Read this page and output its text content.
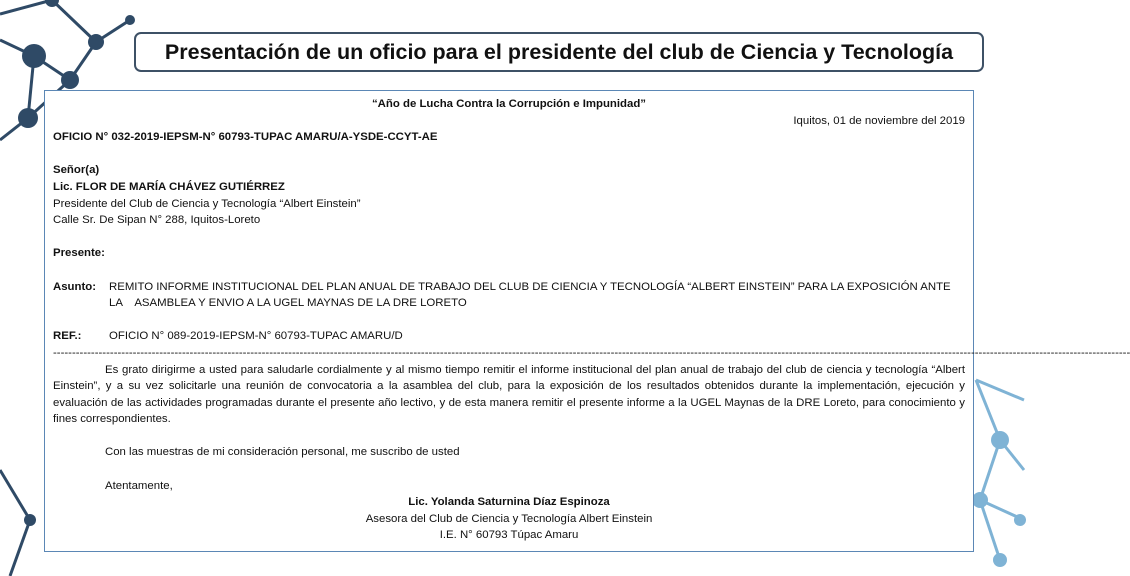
Presentación de un oficio para el presidente del club de Ciencia y Tecnología

“Año de Lucha Contra la Corrupción e Impunidad”

Iquitos, 01 de noviembre del 2019

OFICIO N° 032-2019-IEPSM-N° 60793-TUPAC AMARU/A-YSDE-CCYT-AE

Señor(a)

Lic. FLOR DE MARÍA CHÁVEZ GUTIÉRREZ

Presidente del Club de Ciencia y Tecnología “Albert Einstein”

Calle Sr. De Sipan N° 288, Iquitos-Loreto

Presente:

Asunto:	REMITO INFORME INSTITUCIONAL DEL PLAN ANUAL DE TRABAJO DEL CLUB DE CIENCIA Y TECNOLOGÍA “ALBERT EINSTEIN” PARA LA EXPOSICIÓN ANTE
LA    ASAMBLEA Y ENVIO A LA UGEL MAYNAS DE LA DRE LORETO
REF.:	OFICIO N° 089-2019-IEPSM-N° 60793-TUPAC AMARU/D
--------------------------------------------------------------------------------------------------------------------------------------------------------------------------------------------------------------------------------------------------------------------------------------------

Es grato dirigirme a usted para saludarle cordialmente y al mismo tiempo remitir el informe institucional del plan anual de trabajo del club de ciencia y tecnología “Albert Einstein”, y a su vez solicitarle una reunión de convocatoria a la asamblea del club, para la exposición de los resultados obtenidos durante la implementación, ejecución y evaluación de las actividades programadas durante el presente año lectivo, y de esta manera remitir el presente informe a la UGEL Maynas de la DRE Loreto, para conocimiento y fines correspondientes.

Con las muestras de mi consideración personal, me suscribo de usted

Atentamente,

Lic. Yolanda Saturnina Díaz Espinoza

Asesora del Club de Ciencia y Tecnología Albert Einstein

I.E. N° 60793 Túpac Amaru
